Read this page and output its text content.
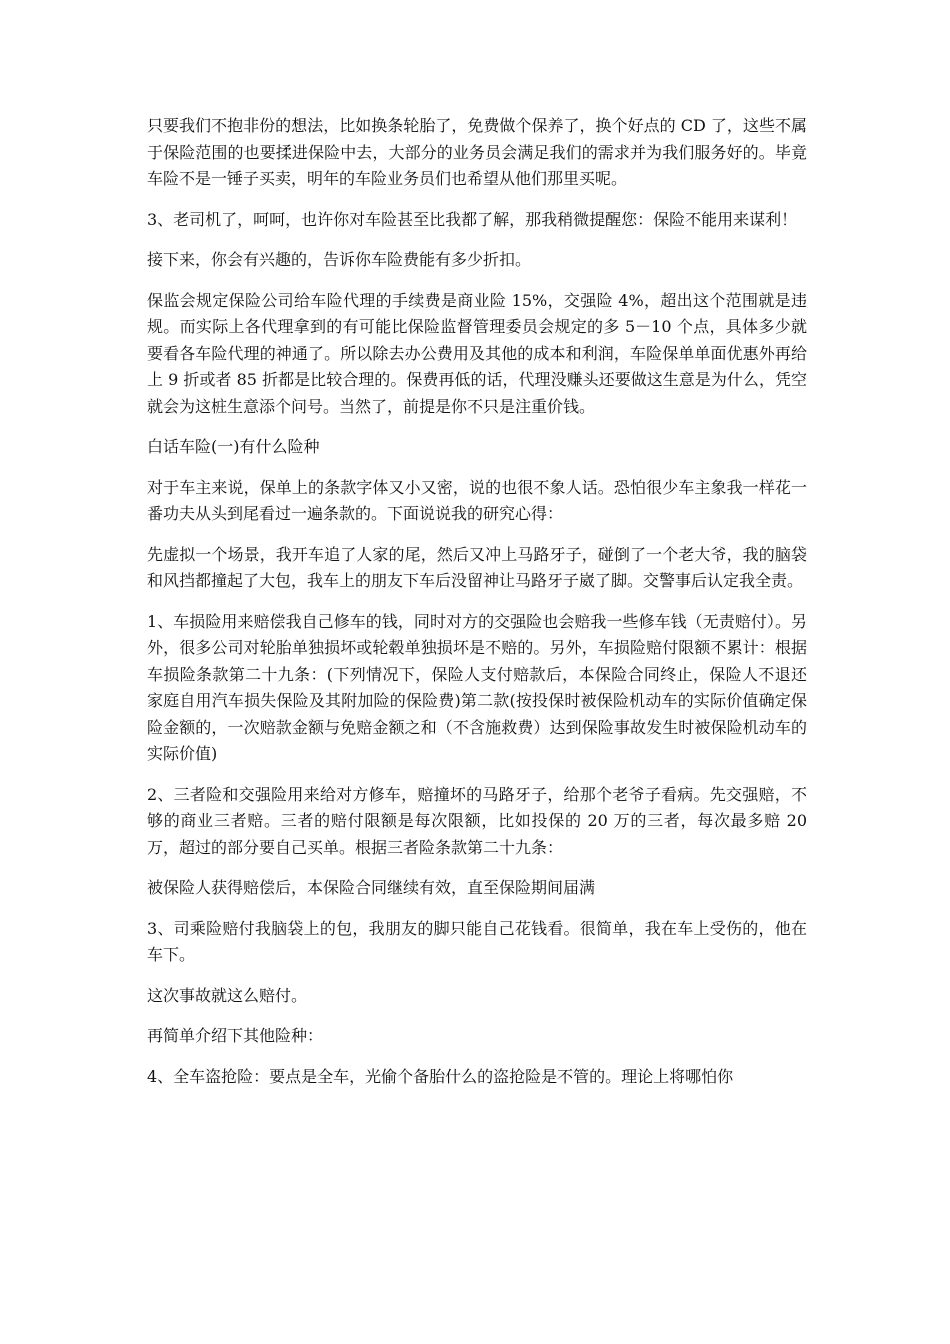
只要我们不抱非份的想法，比如换条轮胎了，免费做个保养了，换个好点的 CD 了，这些不属于保险范围的也要揉进保险中去，大部分的业务员会满足我们的需求并为我们服务好的。毕竟车险不是一锤子买卖，明年的车险业务员们也希望从他们那里买呢。

3、老司机了，呵呵，也许你对车险甚至比我都了解，那我稍微提醒您：保险不能用来谋利！

接下来，你会有兴趣的，告诉你车险费能有多少折扣。

保监会规定保险公司给车险代理的手续费是商业险 15%，交强险 4%，超出这个范围就是违规。而实际上各代理拿到的有可能比保险监督管理委员会规定的多 5－10 个点，具体多少就要看各车险代理的神通了。所以除去办公费用及其他的成本和利润，车险保单单面优惠外再给上 9 折或者 85 折都是比较合理的。保费再低的话，代理没赚头还要做这生意是为什么，凭空就会为这桩生意添个问号。当然了，前提是你不只是注重价钱。

白话车险(一)有什么险种

对于车主来说，保单上的条款字体又小又密，说的也很不象人话。恐怕很少车主象我一样花一番功夫从头到尾看过一遍条款的。下面说说我的研究心得：

先虚拟一个场景，我开车追了人家的尾，然后又冲上马路牙子，碰倒了一个老大爷，我的脑袋和风挡都撞起了大包，我车上的朋友下车后没留神让马路牙子崴了脚。交警事后认定我全责。

1、车损险用来赔偿我自己修车的钱，同时对方的交强险也会赔我一些修车钱（无责赔付）。另外，很多公司对轮胎单独损坏或轮毂单独损坏是不赔的。另外，车损险赔付限额不累计：根据车损险条款第二十九条：(下列情况下，保险人支付赔款后，本保险合同终止，保险人不退还家庭自用汽车损失保险及其附加险的保险费)第二款(按投保时被保险机动车的实际价值确定保险金额的，一次赔款金额与免赔金额之和（不含施救费）达到保险事故发生时被保险机动车的实际价值)

2、三者险和交强险用来给对方修车，赔撞坏的马路牙子，给那个老爷子看病。先交强赔，不够的商业三者赔。三者的赔付限额是每次限额，比如投保的 20 万的三者，每次最多赔 20 万，超过的部分要自己买单。根据三者险条款第二十九条：

被保险人获得赔偿后，本保险合同继续有效，直至保险期间届满

3、司乘险赔付我脑袋上的包，我朋友的脚只能自己花钱看。很简单，我在车上受伤的，他在车下。

这次事故就这么赔付。

再简单介绍下其他险种：

4、全车盗抢险：要点是全车，光偷个备胎什么的盗抢险是不管的。理论上将哪怕你
